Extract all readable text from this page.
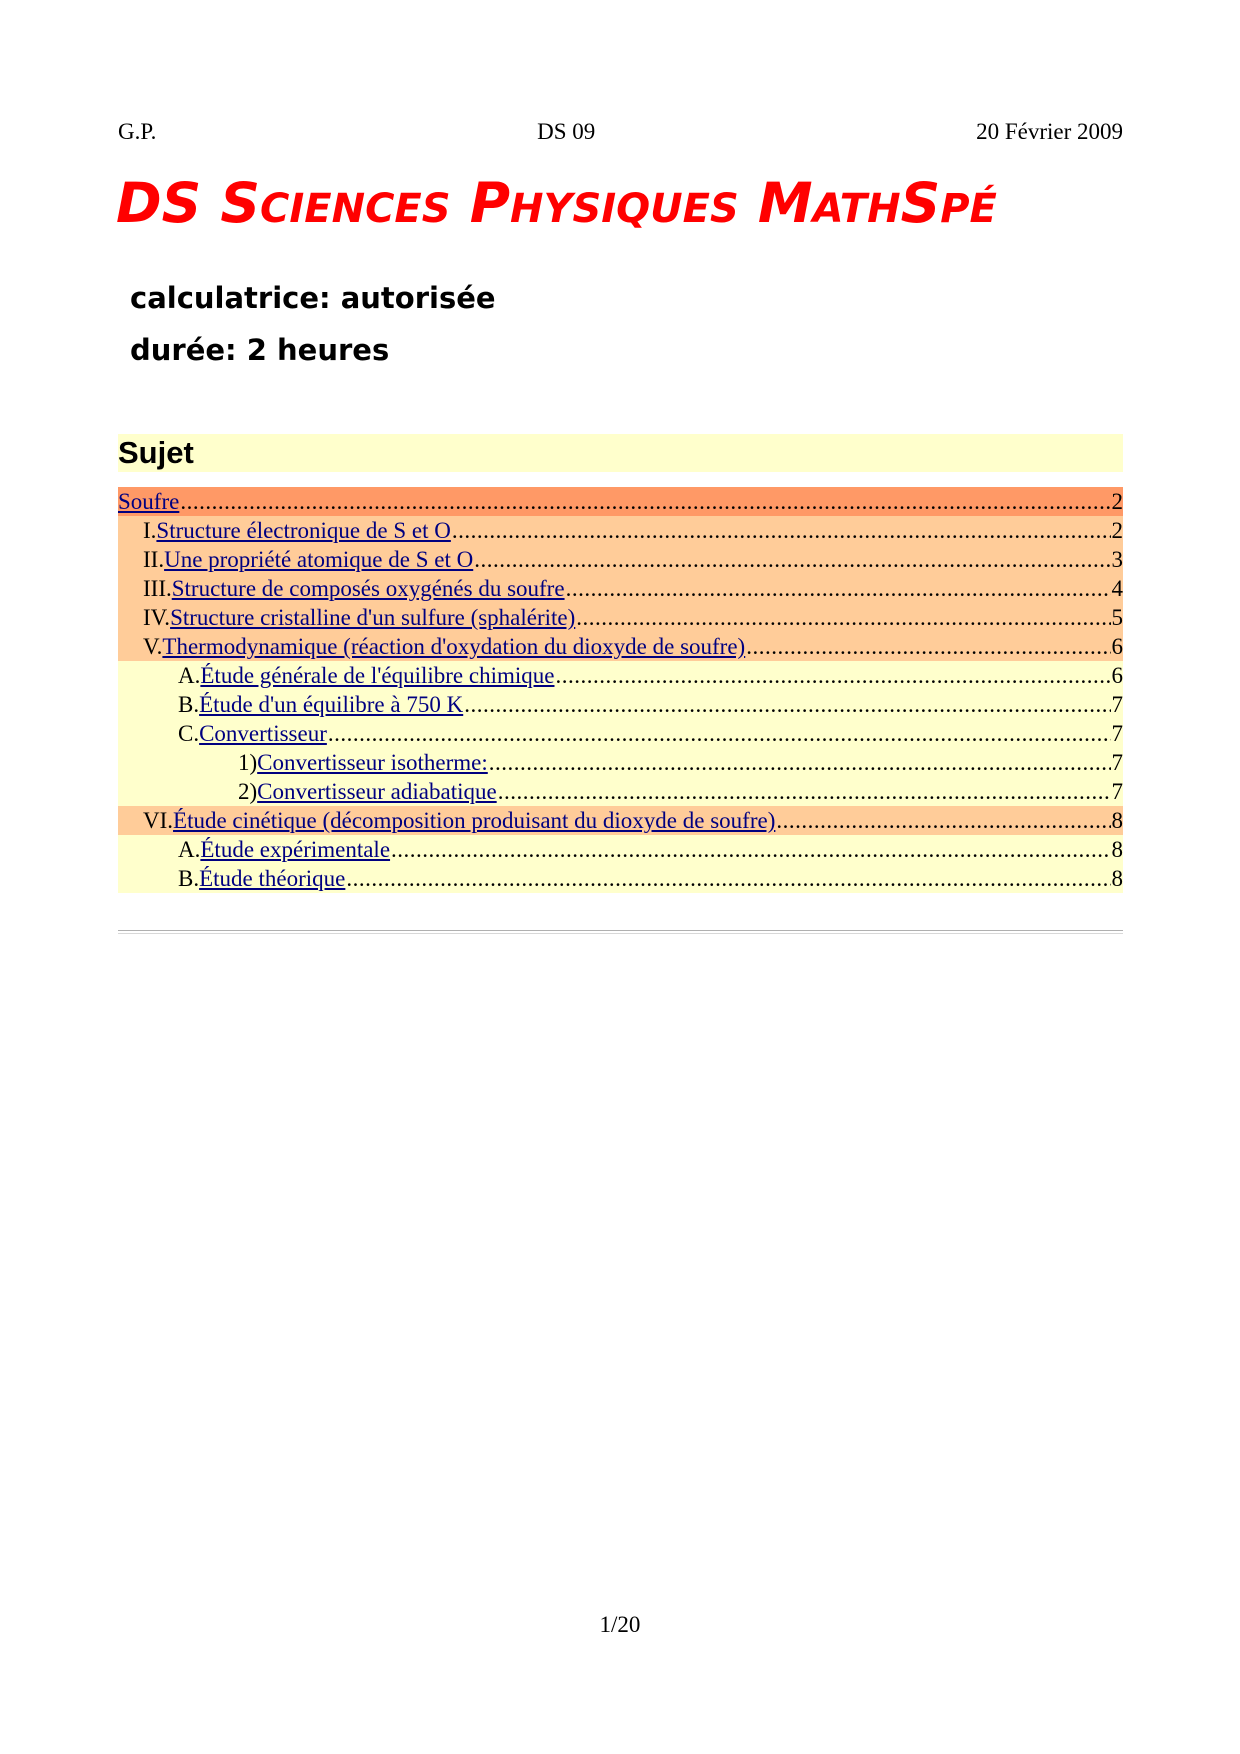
G.P.	DS 09	20 Février 2009
DS SCIENCES PHYSIQUES MATHSPÉ
calculatrice: autorisée
durée: 2 heures
Sujet
Soufre .....	2
I. Structure électronique de S et O .....	2
II. Une propriété atomique de S et O .....	3
III. Structure de composés oxygénés du soufre .....	4
IV. Structure cristalline d'un sulfure (sphalérite) .....	5
V. Thermodynamique (réaction d'oxydation du dioxyde de soufre) .....	6
A. Étude générale de l'équilibre chimique .....	6
B. Étude d'un équilibre à 750 K .....	7
C. Convertisseur .....	7
1) Convertisseur isotherme: .....	7
2) Convertisseur adiabatique .....	7
VI. Étude cinétique (décomposition produisant du dioxyde de soufre) .....	8
A. Étude expérimentale .....	8
B. Étude théorique .....	8
1/20
